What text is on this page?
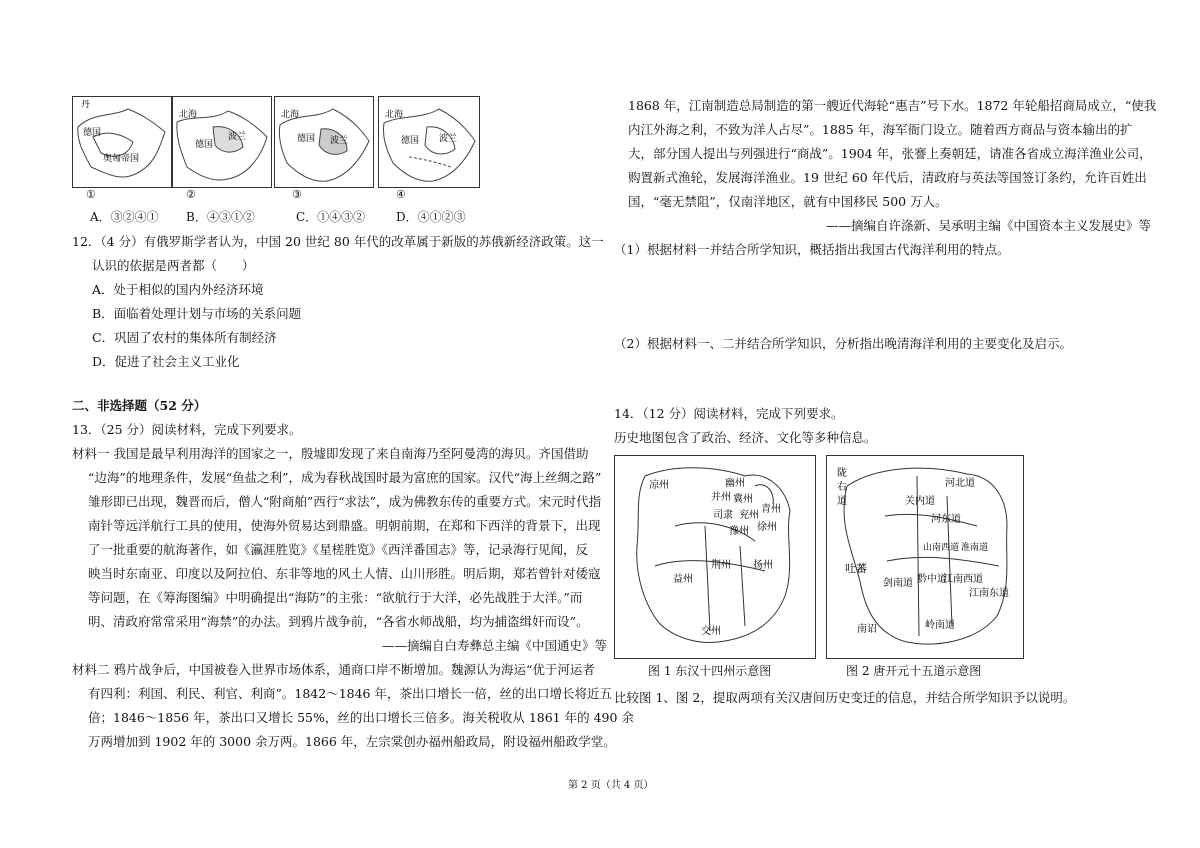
丹
德国
奥匈帝国
北海
德国
波兰
北海
德国 波兰
北海
德国 波兰
①	②	③	④
A．③②④① B．④③①②	C．①④③②	D．④①②③
12．（4 分）有俄罗斯学者认为，中国 20 世纪 80 年代的改革属于新版的苏俄新经济政策。这一
认识的依据是两者都（　　）
A．处于相似的国内外经济环境
B．面临着处理计划与市场的关系问题
C．巩固了农村的集体所有制经济
D．促进了社会主义工业化
二、非选择题（52 分）
13．（25 分）阅读材料，完成下列要求。
材料一 我国是最早利用海洋的国家之一，殷墟即发现了来自南海乃至阿曼湾的海贝。齐国借助
“边海”的地理条件，发展“鱼盐之利”，成为春秋战国时最为富庶的国家。汉代“海上丝绸之路”
雏形即已出现，魏晋而后，僧人“附商舶”西行“求法”，成为佛教东传的重要方式。宋元时代指
南针等远洋航行工具的使用，使海外贸易达到鼎盛。明朝前期，在郑和下西洋的背景下，出现
了一批重要的航海著作，如《瀛涯胜览》《星槎胜览》《西洋番国志》等，记录海行见闻，反
映当时东南亚、印度以及阿拉伯、东非等地的风土人情、山川形胜。明后期，郑若曾针对倭寇
等问题，在《筹海图编》中明确提出“海防”的主张：“欲航行于大洋，必先战胜于大洋。”而
明、清政府常常采用“海禁”的办法。到鸦片战争前，“各省水师战船，均为捕盗缉奸而设”。
——摘编自白寿彝总主编《中国通史》等
材料二 鸦片战争后，中国被卷入世界市场体系，通商口岸不断增加。魏源认为海运“优于河运者
有四利：利国、利民、利官、利商”。1842～1846 年，茶出口增长一倍，丝的出口增长将近五
倍；1846～1856 年，茶出口又增长 55%，丝的出口增长三倍多。海关税收从 1861 年的 490 余
万两增加到 1902 年的 3000 余万两。1866 年，左宗棠创办福州船政局，附设福州船政学堂。
1868 年，江南制造总局制造的第一艘近代海轮“惠吉”号下水。1872 年轮船招商局成立，“使我
内江外海之利，不致为洋人占尽”。1885 年，海军衙门设立。随着西方商品与资本输出的扩
大，部分国人提出与列强进行“商战”。1904 年，张謇上奏朝廷，请准各省成立海洋渔业公司，
购置新式渔轮，发展海洋渔业。19 世纪 60 年代后，清政府与英法等国签订条约，允许百姓出
国，“毫无禁阻”，仅南洋地区，就有中国移民 500 万人。
——摘编自许涤新、吴承明主编《中国资本主义发展史》等
（1）根据材料一并结合所学知识，概括指出我国古代海洋利用的特点。
（2）根据材料一、二并结合所学知识，分析指出晚清海洋利用的主要变化及启示。
14．（12 分）阅读材料，完成下列要求。
历史地图包含了政治、经济、文化等多种信息。
凉州	幽州
冀州
并州
青州
司隶 兖州
豫州 徐州
益州
荆州 扬州
交州
图 1 东汉十四州示意图
陇
右
道
河北道
关内道
河东道
吐蕃
山南西道 淮南道
剑南道 黔中道
江南西道
江南东道
岭南道
南诏
图 2 唐开元十五道示意图
比较图 1、图 2，提取两项有关汉唐间历史变迁的信息，并结合所学知识予以说明。
第 2 页（共 4 页）
